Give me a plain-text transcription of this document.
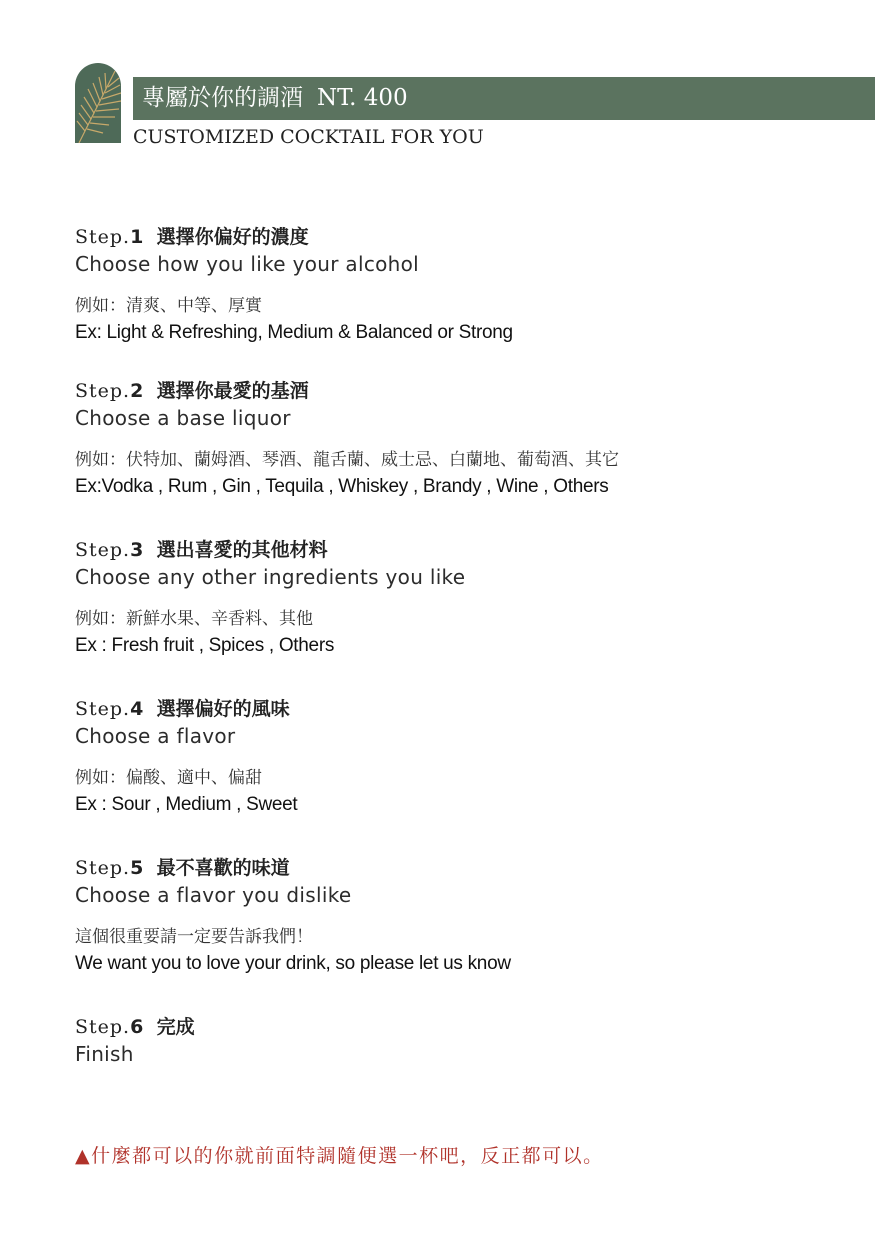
專屬於你的調酒 NT. 400
CUSTOMIZED COCKTAIL FOR YOU
Step.1 選擇你偏好的濃度
Choose how you like your alcohol
例如：清爽、中等、厚實
Ex: Light & Refreshing, Medium & Balanced or Strong
Step.2 選擇你最愛的基酒
Choose a base liquor
例如：伏特加、蘭姆酒、琴酒、龍舌蘭、威士忌、白蘭地、葡萄酒、其它
Ex:Vodka , Rum , Gin , Tequila , Whiskey , Brandy , Wine , Others
Step.3 選出喜愛的其他材料
Choose any other ingredients you like
例如：新鮮水果、辛香料、其他
Ex : Fresh fruit , Spices , Others
Step.4 選擇偏好的風味
Choose a flavor
例如：偏酸、適中、偏甜
Ex : Sour , Medium , Sweet
Step.5 最不喜歡的味道
Choose a flavor you dislike
這個很重要請一定要告訴我們！
We want you to love your drink, so please let us know
Step.6 完成
Finish
▲什麼都可以的你就前面特調隨便選一杯吧，反正都可以。
